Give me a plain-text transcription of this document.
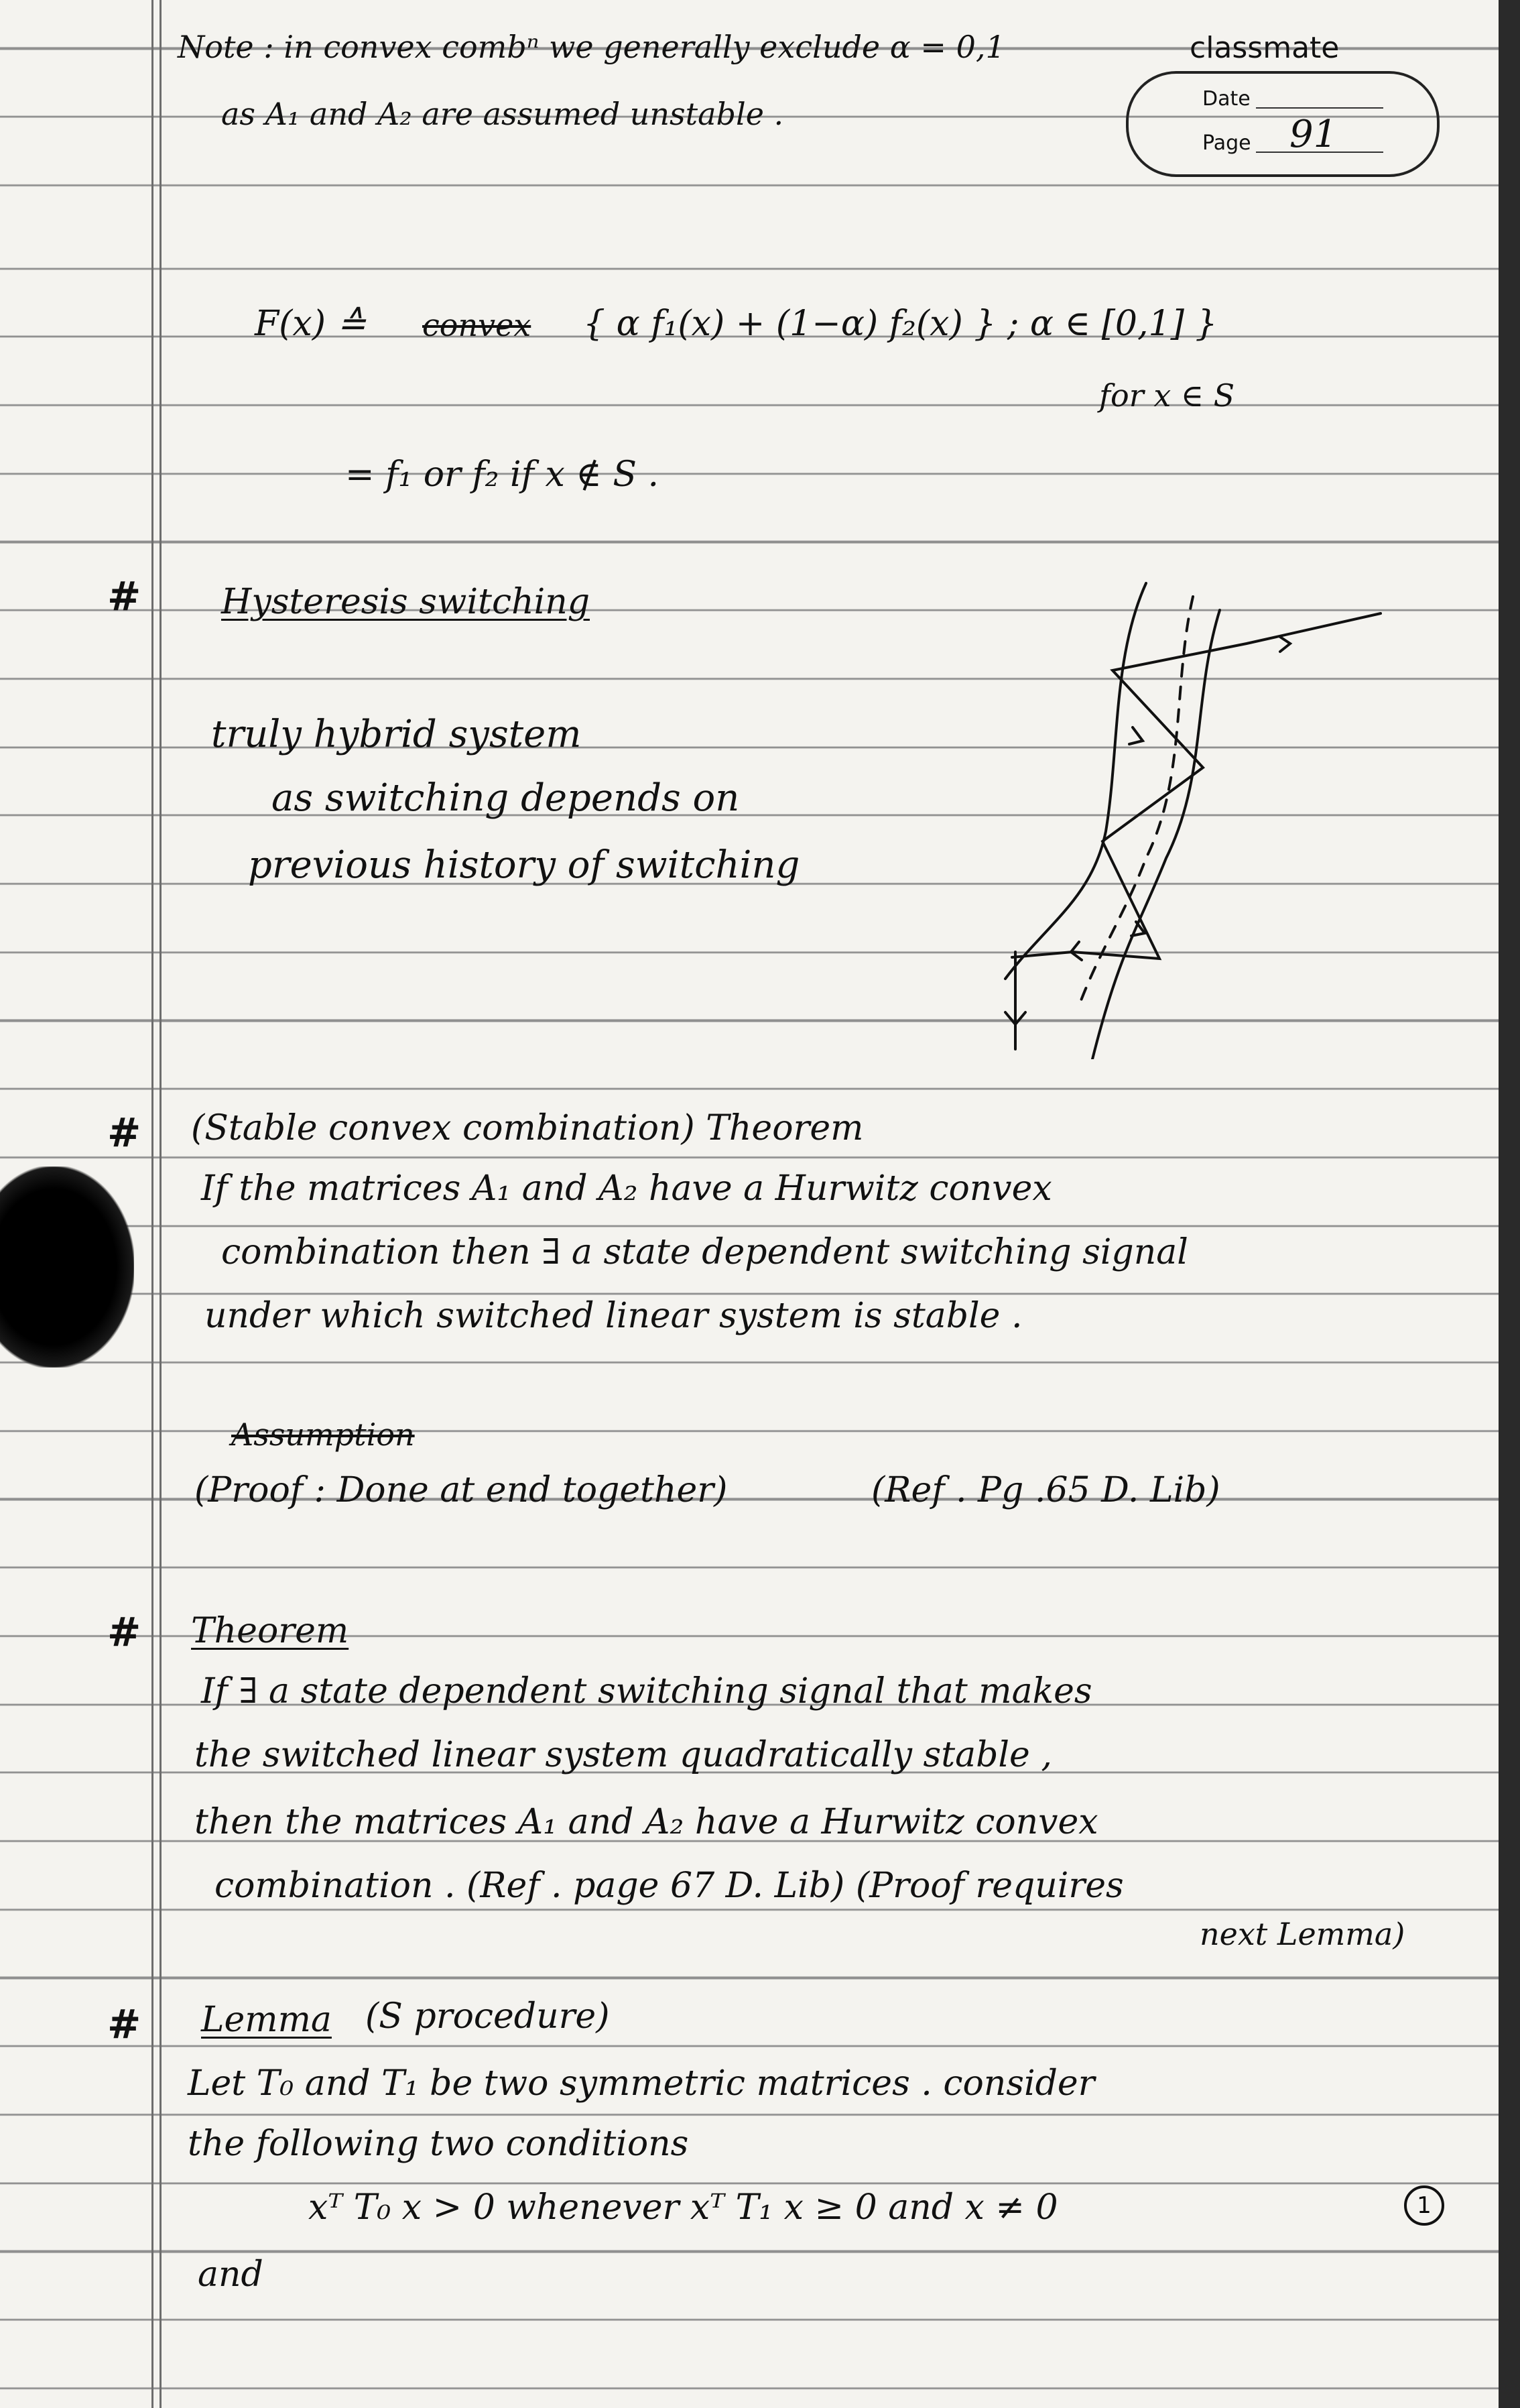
classmate
Date
Page 91
Note : in convex combⁿ we generally exclude α = 0,1
as A₁ and A₂ are assumed unstable .
F(x) ≙ convex { α f₁(x) + (1−α) f₂(x) } ; α ∈ [0,1] }
for x ∈ S
= f₁ or f₂ if x ∉ S .
# Hysteresis switching
truly hybrid system
as switching depends on
previous history of switching
# (Stable convex combination) Theorem
If the matrices A₁ and A₂ have a Hurwitz convex
combination then ∃ a state dependent switching signal
under which switched linear system is stable .
Assumption
(Proof : Done at end together)	(Ref . Pg .65 D. Lib)
# Theorem
If ∃ a state dependent switching signal that makes
the switched linear system quadratically stable ,
then the matrices A₁ and A₂ have a Hurwitz convex
combination . (Ref . page 67 D. Lib) (Proof requires
next Lemma)
# Lemma (S procedure)
Let T₀ and T₁ be two symmetric matrices . consider
the following two conditions
xᵀ T₀ x > 0 whenever xᵀ T₁ x ≥ 0 and x ≠ 0	1
and
